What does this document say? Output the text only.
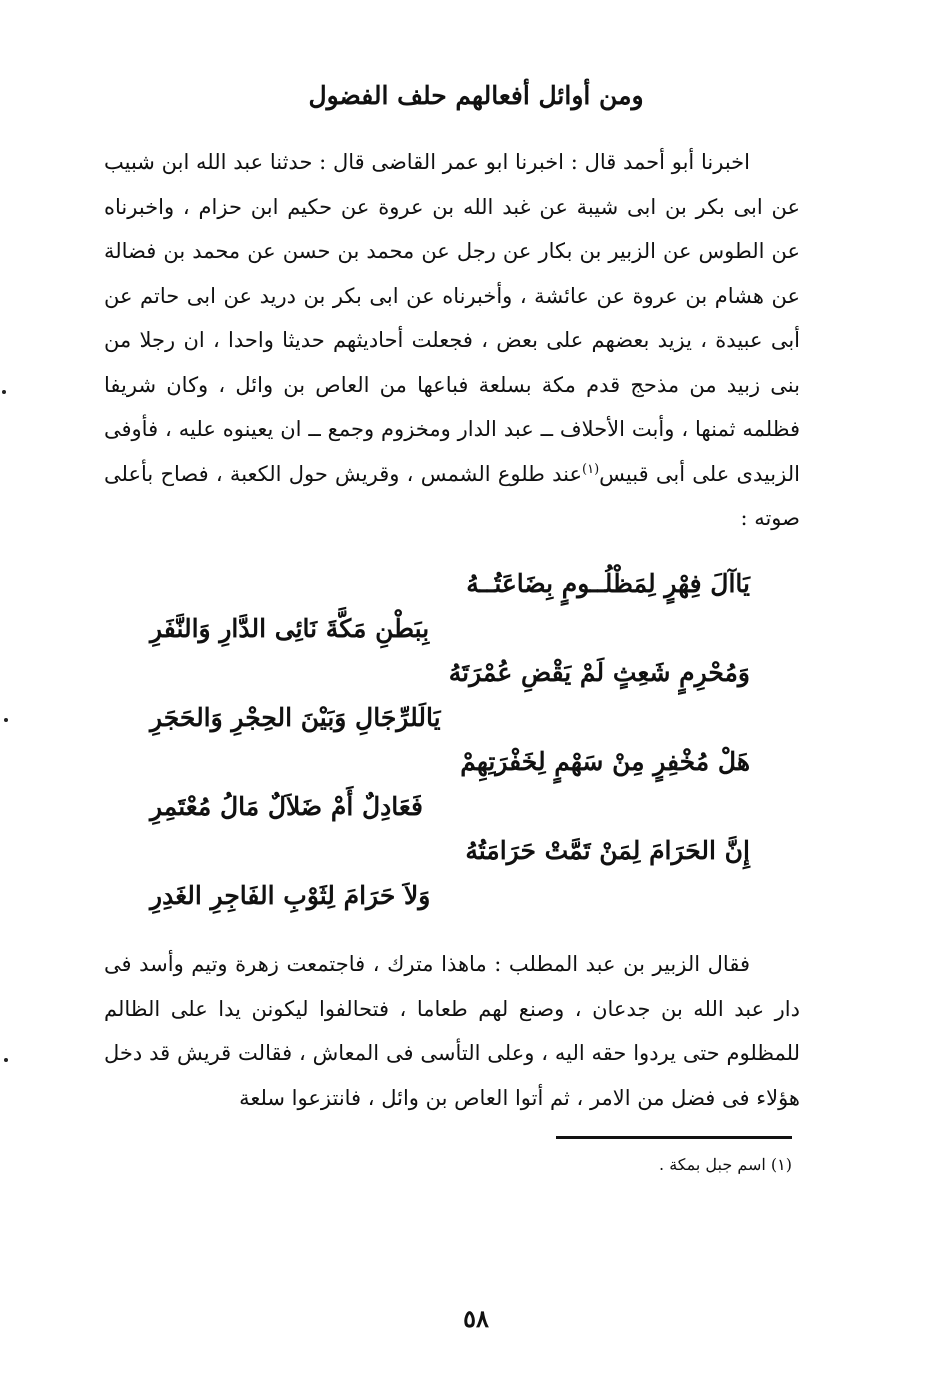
ومن أوائل أفعالهم حلف الفضول

اخبرنا أبو أحمد قال : اخبرنا ابو عمر القاضى قال : حدثنا عبد الله ابن شبيب عن ابى بكر بن ابى شيبة عن غبد الله بن عروة عن حكيم ابن حزام ، واخبرناه عن الطوس عن الزبير بن بكار عن رجل عن محمد بن حسن عن محمد بن فضالة عن هشام بن عروة عن عائشة ، وأخبرناه عن ابى بكر بن دريد عن ابى حاتم عن أبى عبيدة ، يزيد بعضهم على بعض ، فجعلت أحاديثهم حديثا واحدا ، ان رجلا من بنى زبيد من مذحج قدم مكة بسلعة فباعها من العاص بن وائل ، وكان شريفا فظلمه ثمنها ، وأبت الأحلاف ــ عبد الدار ومخزوم وجمع ــ ان يعينوه عليه ، فأوفى الزبيدى على أبى قبيس$^{(١)}$عند طلوع الشمس ، وقريش حول الكعبة ، فصاح بأعلى صوته :

يَاآلَ فِهْرٍ لِمَظْلُــومٍ بِضَاعَتُــهُ
بِبَطْنِ مَكَّةَ نَائِى الدَّارِ وَالنَّفَرِ
وَمُحْرِمٍ شَعِثٍ لَمْ يَقْضِ عُمْرَتَهُ
يَالَلرِّجَالِ وَبَيْنَ الحِجْرِ وَالحَجَرِ
هَلْ مُخْفِرٍ مِنْ سَهْمٍ لِخَفْرَتِهِمْ
فَعَادِلٌ أَمْ ضَلاَلٌ مَالُ مُعْتَمِرِ
إِنَّ الحَرَامَ لِمَنْ تَمَّتْ حَرَامَتُهُ
وَلاَ حَرَامَ لِثَوْبِ الفَاجِرِ الغَدِرِ

فقال الزبير بن عبد المطلب : ماهذا مترك ، فاجتمعت زهرة وتيم وأسد فى دار عبد الله بن جدعان ، وصنع لهم طعاما ، فتحالفوا ليكونن يدا على الظالم للمظلوم حتى يردوا حقه اليه ، وعلى التأسى فى المعاش ، فقالت قريش قد دخل هؤلاء فى فضل من الامر ، ثم أتوا العاص بن وائل ، فانتزعوا سلعة

(١) اسم جبل بمكة .

٥٨
